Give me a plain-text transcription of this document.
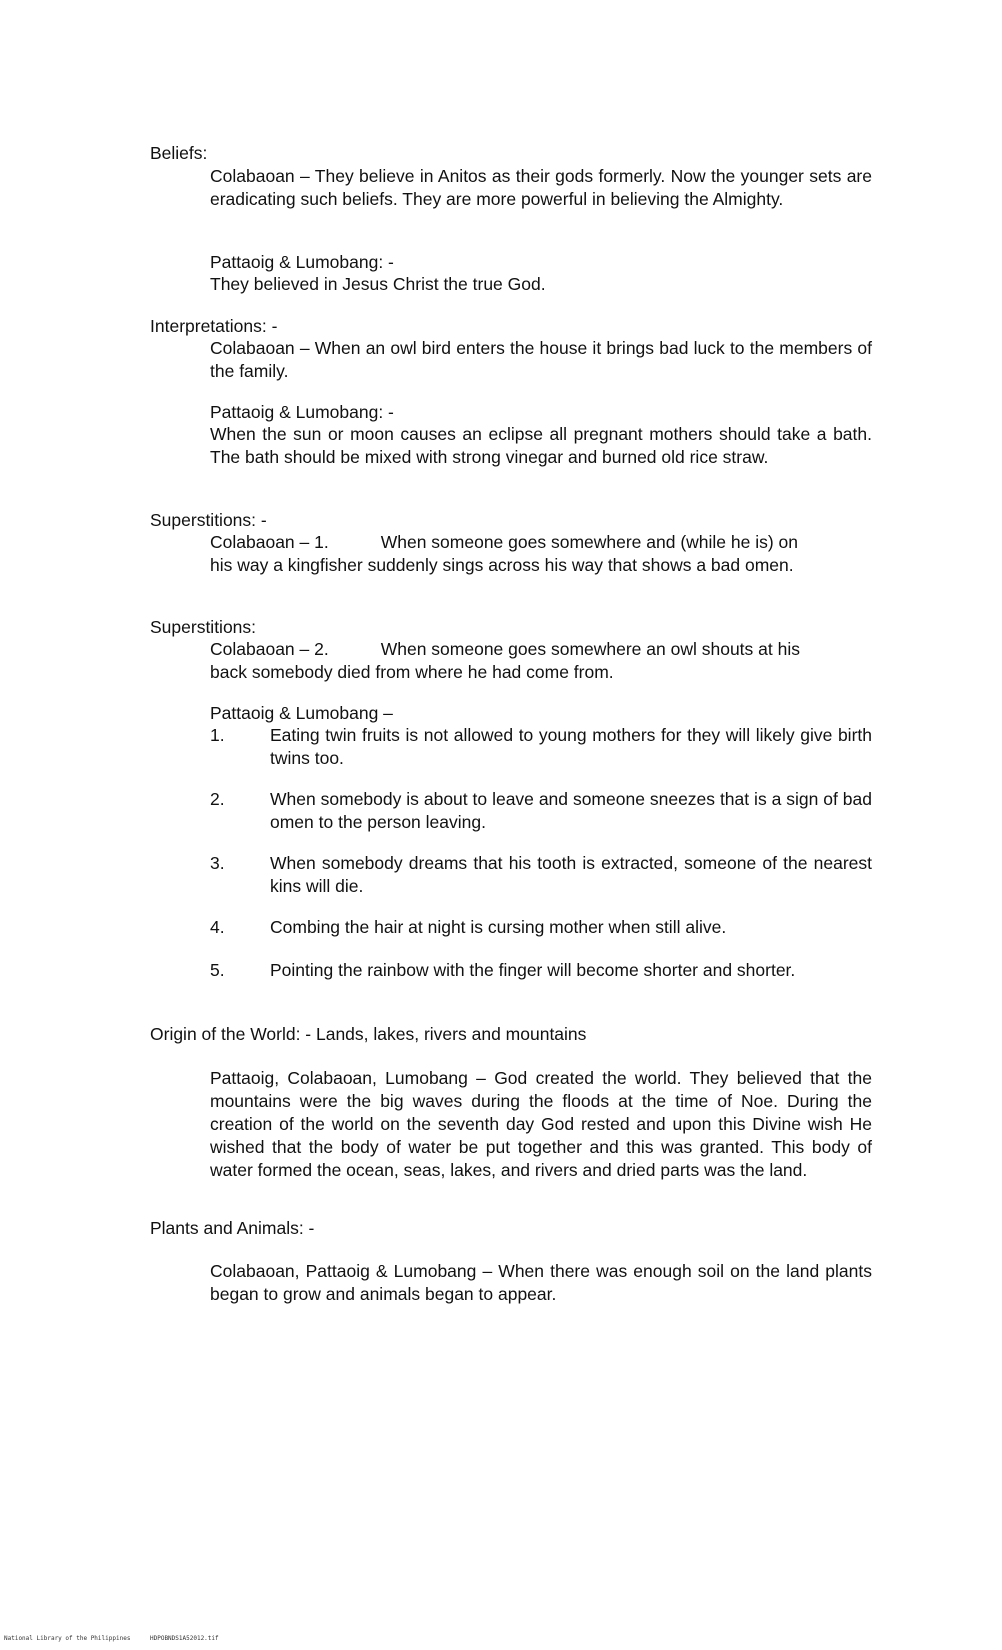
Beliefs:
Colabaoan – They believe in Anitos as their gods formerly. Now the younger sets are eradicating such beliefs. They are more powerful in believing the Almighty.
Pattaoig & Lumobang: -
They believed in Jesus Christ the true God.
Interpretations: -
Colabaoan – When an owl bird enters the house it brings bad luck to the members of the family.
Pattaoig & Lumobang: -
When the sun or moon causes an eclipse all pregnant mothers should take a bath. The bath should be mixed with strong vinegar and burned old rice straw.
Superstitions: -
Colabaoan – 1.	When someone goes somewhere and (while he is) on
his way a kingfisher suddenly sings across his way that shows a bad omen.
Superstitions:
Colabaoan – 2.	When someone goes somewhere an owl shouts at his
back somebody died from where he had come from.
Pattaoig & Lumobang –
1.	Eating twin fruits is not allowed to young mothers for they will likely give birth twins too.
2.	When somebody is about to leave and someone sneezes that is a sign of bad omen to the person leaving.
3.	When somebody dreams that his tooth is extracted, someone of the nearest kins will die.
4.	Combing the hair at night is cursing mother when still alive.
5.	Pointing the rainbow with the finger will become shorter and shorter.
Origin of the World: - Lands, lakes, rivers and mountains
Pattaoig, Colabaoan, Lumobang – God created the world. They believed that the mountains were the big waves during the floods at the time of Noe. During the creation of the world on the seventh day God rested and upon this Divine wish He wished that the body of water be put together and this was granted. This body of water formed the ocean, seas, lakes, and rivers and dried parts was the land.
Plants and Animals: -
Colabaoan, Pattaoig & Lumobang – When there was enough soil on the land plants began to grow and animals began to appear.
National Library of the Philippines	HDPOBNDS1A52012.tif
